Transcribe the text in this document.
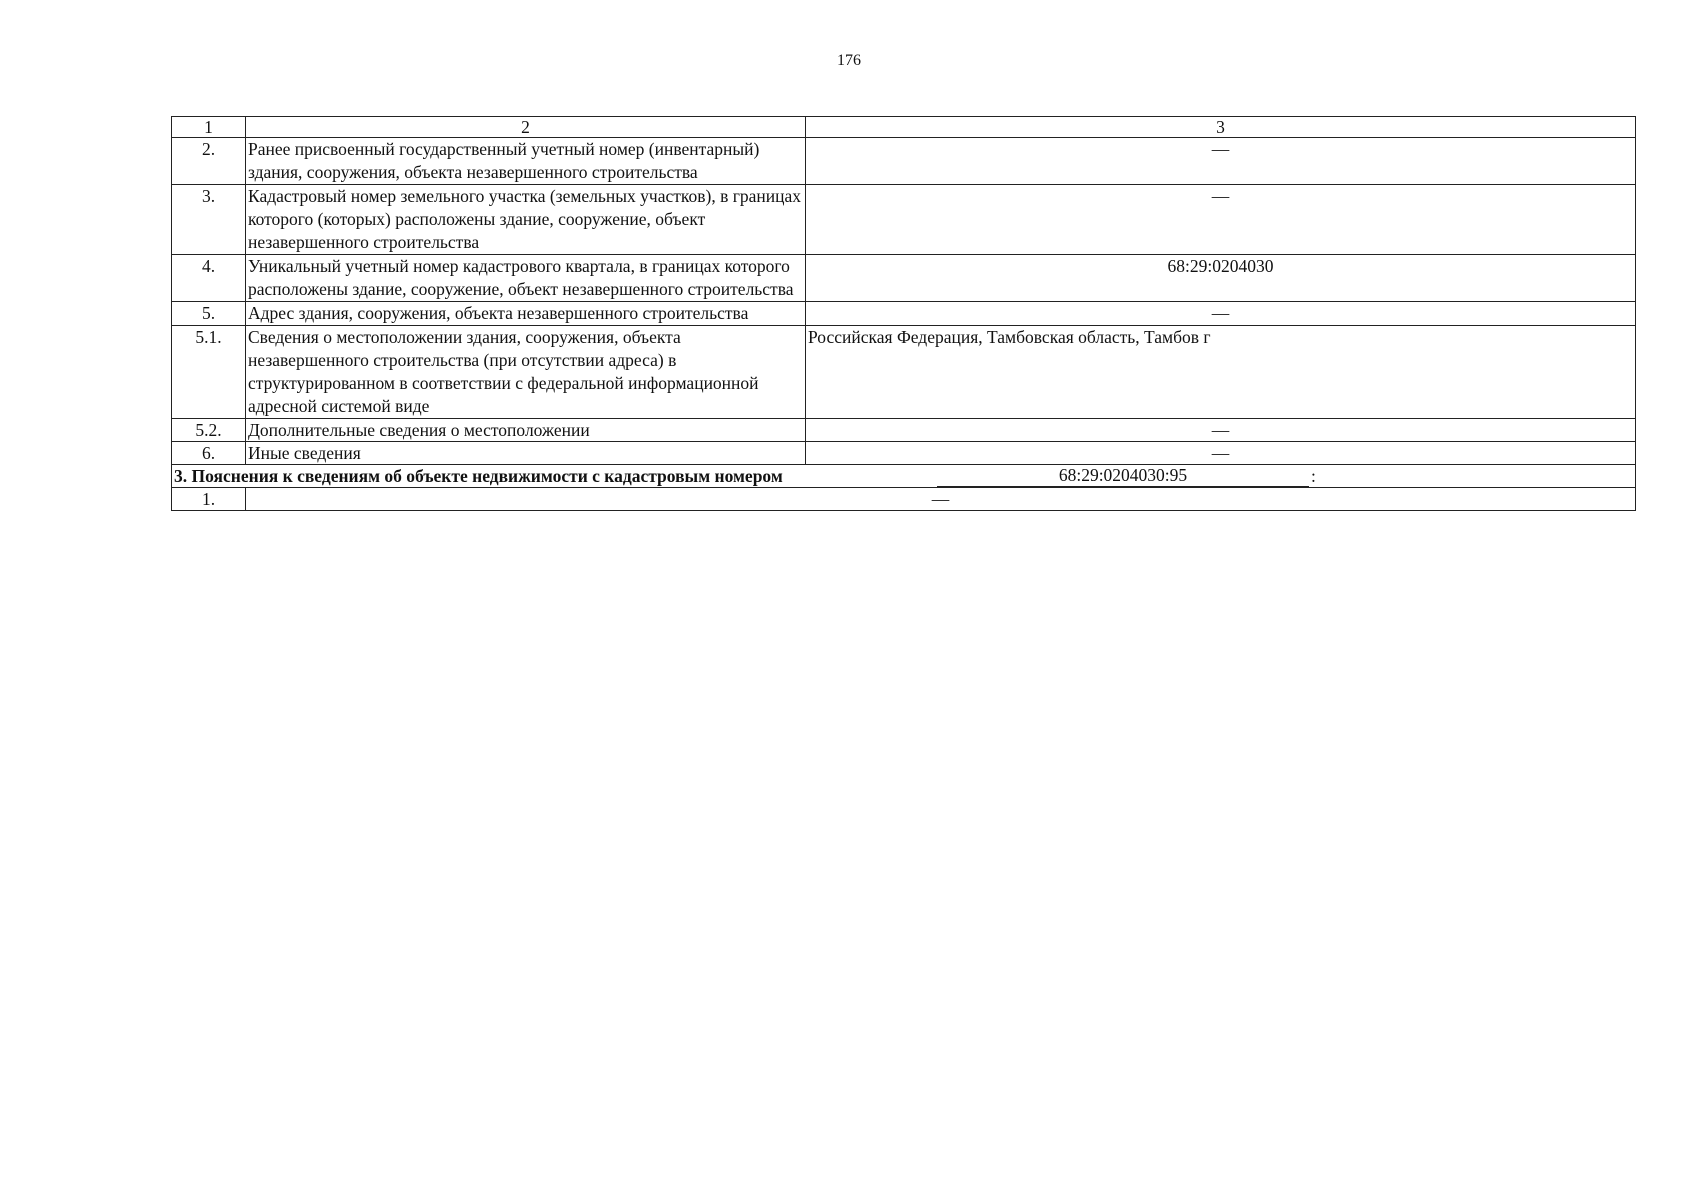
176
1	2	3
2.	Ранее присвоенный государственный учетный номер (инвентарный) здания, сооружения, объекта незавершенного строительства	—
3.	Кадастровый номер земельного участка (земельных участков), в границах которого (которых) расположены здание, сооружение, объект незавершенного строительства	—
4.	Уникальный учетный номер кадастрового квартала, в границах которого расположены здание, сооружение, объект незавершенного строительства	68:29:0204030
5.	Адрес здания, сооружения, объекта незавершенного строительства	—
5.1.	Сведения о местоположении здания, сооружения, объекта незавершенного строительства (при отсутствии адреса) в структурированном в соответствии с федеральной информационной адресной системой виде	Российская Федерация, Тамбовская область, Тамбов г
5.2.	Дополнительные сведения о местоположении	—
6.	Иные сведения	—

3. Пояснения к сведениям об объекте недвижимости с кадастровым номером 68:29:0204030:95 :		

1.	—	
